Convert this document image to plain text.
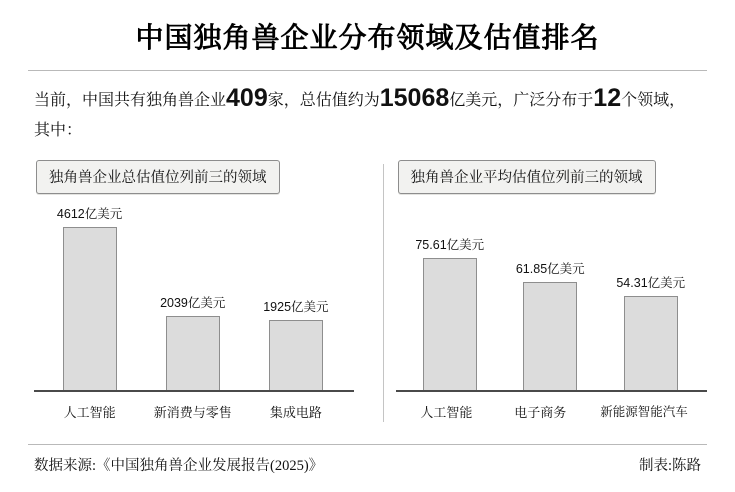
中国独角兽企业分布领域及估值排名
当前，中国共有独角兽企业409家，总估值约为15068亿美元，广泛分布于12个领域，其中：
独角兽企业总估值位列前三的领域
4612亿美元
2039亿美元	1925亿美元
人工智能	新消费与零售	集成电路
独角兽企业平均估值位列前三的领域
75.61亿美元
61.85亿美元
54.31亿美元
人工智能	电子商务	新能源智能汽车
数据来源:《中国独角兽企业发展报告(2025)》	制表:陈路
